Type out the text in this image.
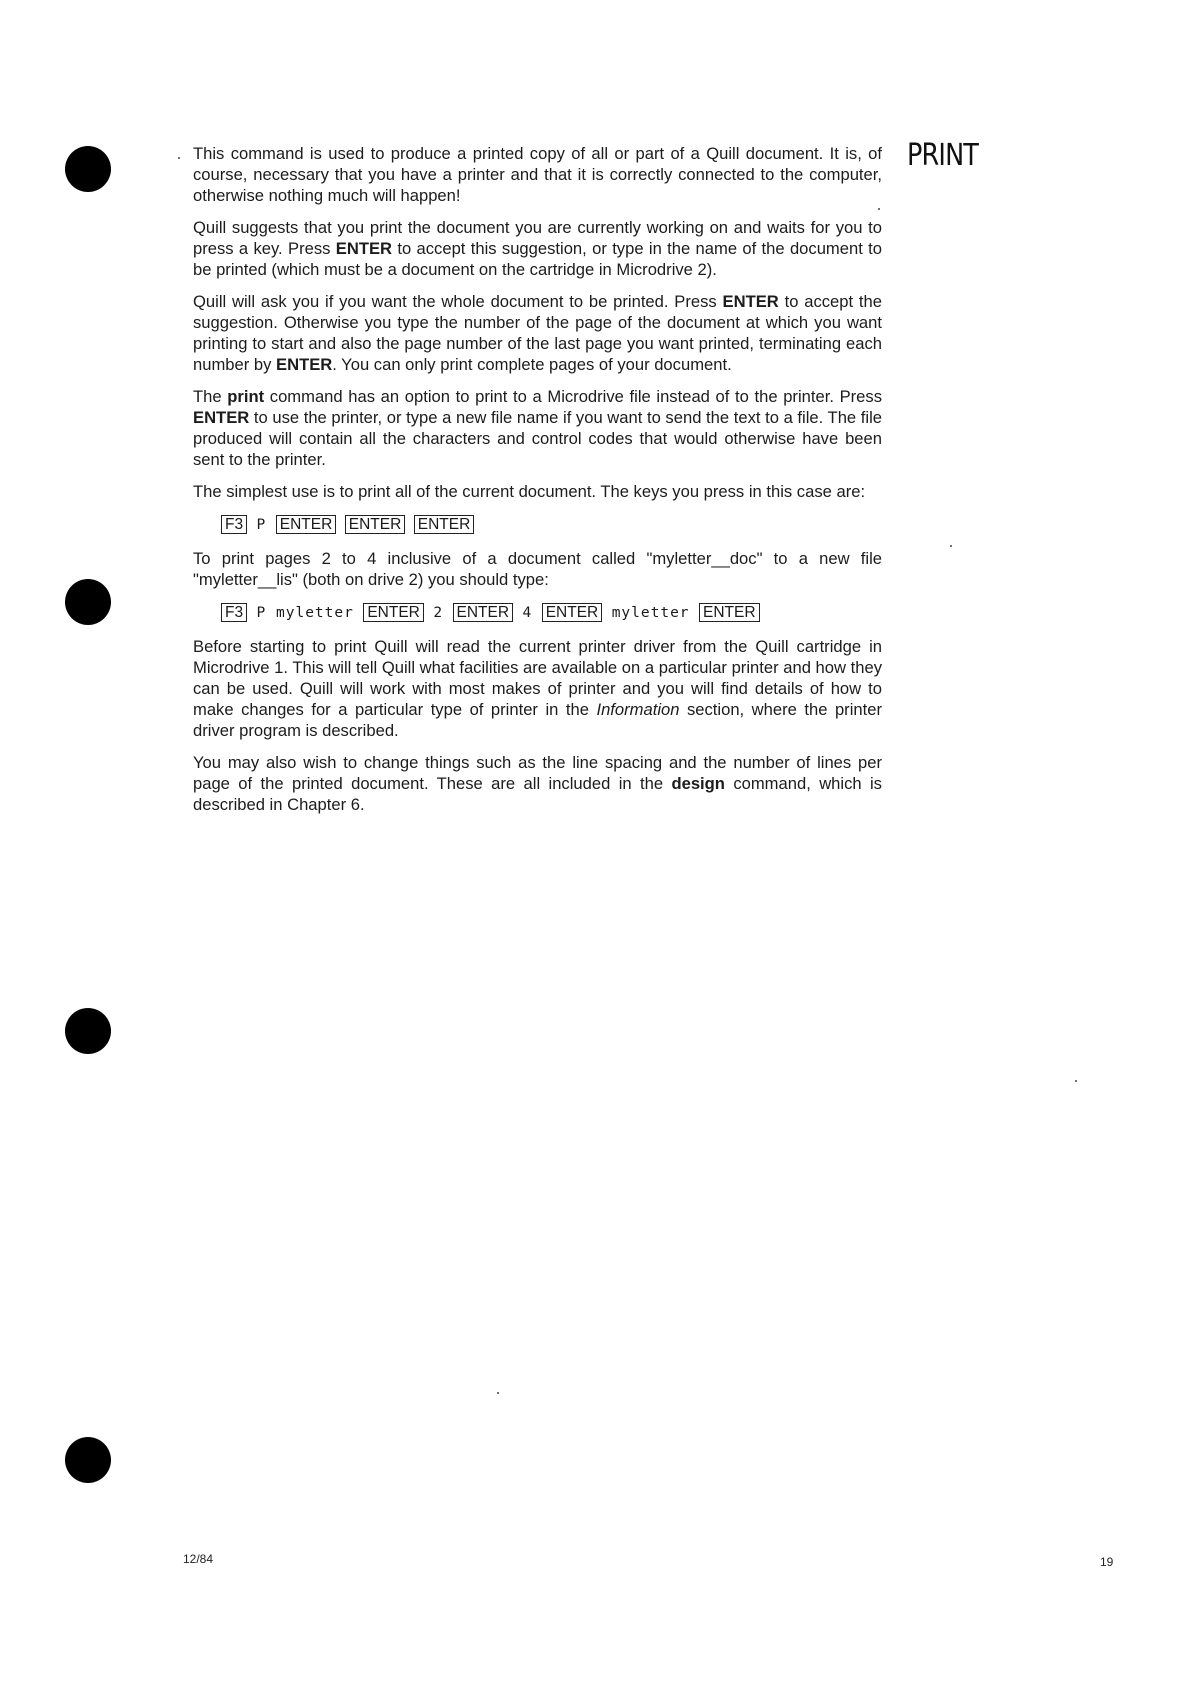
PRINT

This command is used to produce a printed copy of all or part of a Quill document. It is, of course, necessary that you have a printer and that it is correctly connected to the computer, otherwise nothing much will happen!

Quill suggests that you print the document you are currently working on and waits for you to press a key. Press ENTER to accept this suggestion, or type in the name of the document to be printed (which must be a document on the cartridge in Microdrive 2).

Quill will ask you if you want the whole document to be printed. Press ENTER to accept the suggestion. Otherwise you type the number of the page of the document at which you want printing to start and also the page number of the last page you want printed, terminating each number by ENTER. You can only print complete pages of your document.

The print command has an option to print to a Microdrive file instead of to the printer. Press ENTER to use the printer, or type a new file name if you want to send the text to a file. The file produced will contain all the characters and control codes that would otherwise have been sent to the printer.

The simplest use is to print all of the current document. The keys you press in this case are:

F3 P ENTER ENTER ENTER

To print pages 2 to 4 inclusive of a document called "myletter__doc" to a new file "myletter__lis" (both on drive 2) you should type:

F3 P myletter ENTER 2 ENTER 4 ENTER myletter ENTER

Before starting to print Quill will read the current printer driver from the Quill cartridge in Microdrive 1. This will tell Quill what facilities are available on a particular printer and how they can be used. Quill will work with most makes of printer and you will find details of how to make changes for a particular type of printer in the Information section, where the printer driver program is described.

You may also wish to change things such as the line spacing and the number of lines per page of the printed document. These are all included in the design command, which is described in Chapter 6.

12/84	19
